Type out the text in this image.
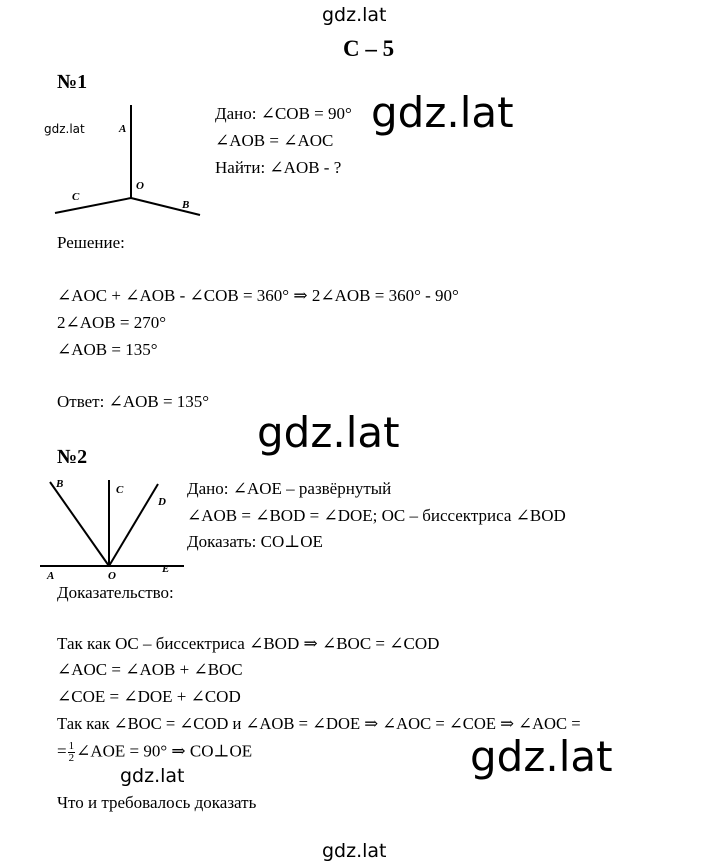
gdz.lat
С – 5
№1
gdz.lat	A
O
C
B
Дано: ∠COB = 90°
∠AOB = ∠AOC
Найти: ∠AOB - ?
gdz.lat
Решение:
∠AOC + ∠AOB - ∠COB = 360° ⇒ 2∠AOB = 360° - 90°
2∠AOB = 270°
∠AOB = 135°
Ответ: ∠AOB = 135°
gdz.lat
№2
B	C
D
A	O
E
Дано: ∠AOE – развёрнутый
∠AOB = ∠BOD = ∠DOE; OC – биссектриса ∠BOD
Доказать: CO⊥OE
Доказательство:
Так как OC – биссектриса ∠BOD ⇒ ∠BOC = ∠COD
∠AOC = ∠AOB + ∠BOC
∠COE = ∠DOE + ∠COD
Так как ∠BOC = ∠COD и ∠AOB = ∠DOE ⇒ ∠AOC = ∠COE ⇒ ∠AOC =
= $\frac{1}{2}$ ∠AOE = 90° ⇒ CO⊥OE	gdz.lat
gdz.lat
Что и требовалось доказать
gdz.lat
